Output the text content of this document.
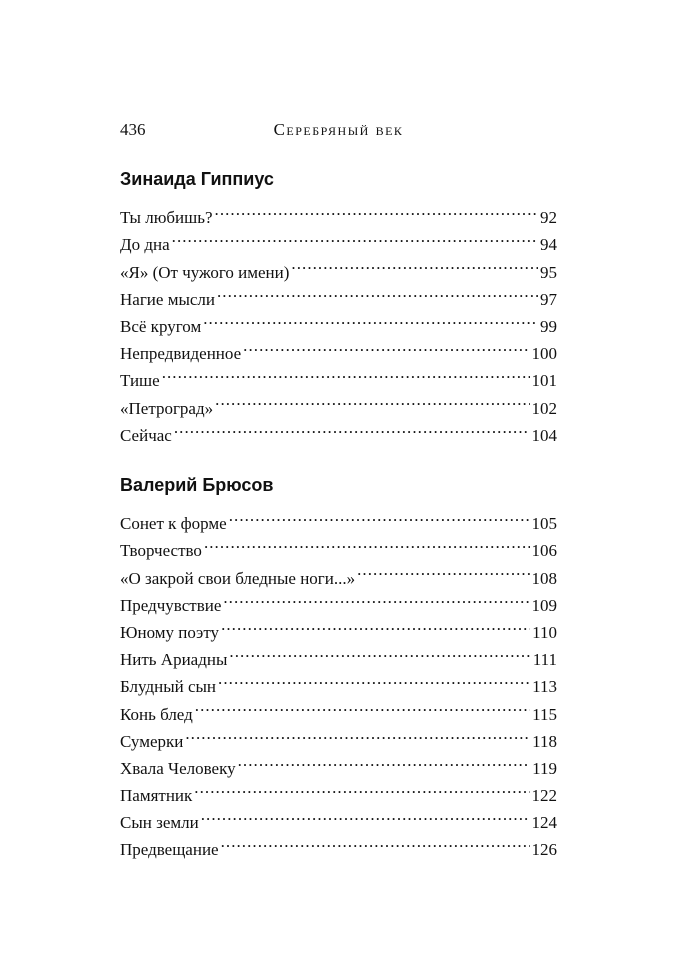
436	Серебряный век
Зинаида Гиппиус
Ты любишь? . . .	92
До дна . . .	94
«Я» (От чужого имени) . . .	95
Нагие мысли . . .	97
Всё кругом . . .	99
Непредвиденное . . .	100
Тише . . .	101
«Петроград» . . .	102
Сейчас . . .	104
Валерий Брюсов
Сонет к форме . . .	105
Творчество . . .	106
«О закрой свои бледные ноги...» . . .	108
Предчувствие . . .	109
Юному поэту . . .	110
Нить Ариадны . . .	111
Блудный сын . . .	113
Конь блед . . .	115
Сумерки . . .	118
Хвала Человеку . . .	119
Памятник . . .	122
Сын земли . . .	124
Предвещание . . .	126
